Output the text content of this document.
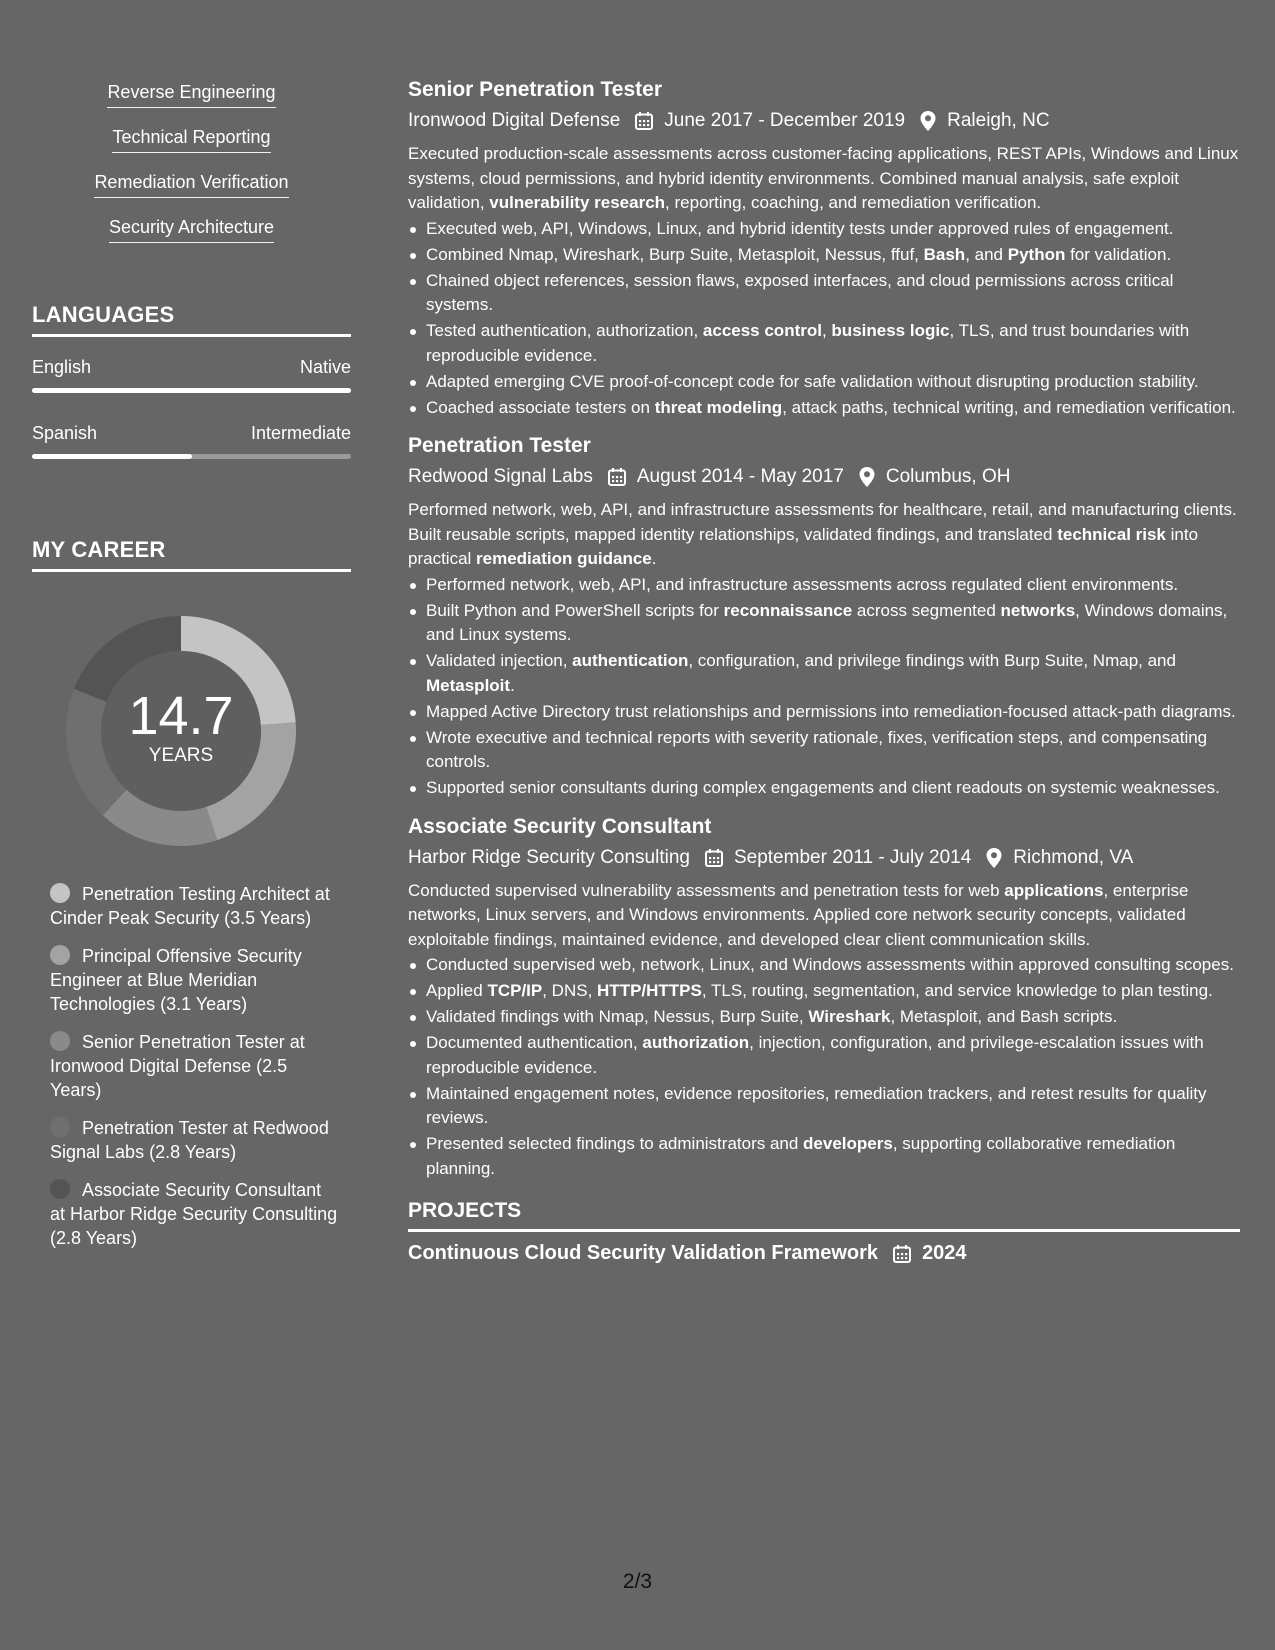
Reverse Engineering
Technical Reporting
Remediation Verification
Security Architecture
LANGUAGES
English	Native
Spanish	Intermediate
MY CAREER
14.7
YEARS
Penetration Testing Architect at Cinder Peak Security (3.5 Years)
Principal Offensive Security Engineer at Blue Meridian Technologies (3.1 Years)
Senior Penetration Tester at Ironwood Digital Defense (2.5 Years)
Penetration Tester at Redwood Signal Labs (2.8 Years)
Associate Security Consultant at Harbor Ridge Security Consulting (2.8 Years)
Senior Penetration Tester
Ironwood Digital Defense June 2017 - December 2019 Raleigh, NC
Executed production-scale assessments across customer-facing applications, REST APIs, Windows and Linux systems, cloud permissions, and hybrid identity environments. Combined manual analysis, safe exploit validation, vulnerability research, reporting, coaching, and remediation verification.
Executed web, API, Windows, Linux, and hybrid identity tests under approved rules of engagement.
Combined Nmap, Wireshark, Burp Suite, Metasploit, Nessus, ffuf, Bash, and Python for validation.
Chained object references, session flaws, exposed interfaces, and cloud permissions across critical systems.
Tested authentication, authorization, access control, business logic, TLS, and trust boundaries with reproducible evidence.
Adapted emerging CVE proof-of-concept code for safe validation without disrupting production stability.
Coached associate testers on threat modeling, attack paths, technical writing, and remediation verification.
Penetration Tester
Redwood Signal Labs August 2014 - May 2017 Columbus, OH
Performed network, web, API, and infrastructure assessments for healthcare, retail, and manufacturing clients. Built reusable scripts, mapped identity relationships, validated findings, and translated technical risk into practical remediation guidance.
Performed network, web, API, and infrastructure assessments across regulated client environments.
Built Python and PowerShell scripts for reconnaissance across segmented networks, Windows domains, and Linux systems.
Validated injection, authentication, configuration, and privilege findings with Burp Suite, Nmap, and Metasploit.
Mapped Active Directory trust relationships and permissions into remediation-focused attack-path diagrams.
Wrote executive and technical reports with severity rationale, fixes, verification steps, and compensating controls.
Supported senior consultants during complex engagements and client readouts on systemic weaknesses.
Associate Security Consultant
Harbor Ridge Security Consulting September 2011 - July 2014 Richmond, VA
Conducted supervised vulnerability assessments and penetration tests for web applications, enterprise networks, Linux servers, and Windows environments. Applied core network security concepts, validated exploitable findings, maintained evidence, and developed clear client communication skills.
Conducted supervised web, network, Linux, and Windows assessments within approved consulting scopes.
Applied TCP/IP, DNS, HTTP/HTTPS, TLS, routing, segmentation, and service knowledge to plan testing.
Validated findings with Nmap, Nessus, Burp Suite, Wireshark, Metasploit, and Bash scripts.
Documented authentication, authorization, injection, configuration, and privilege-escalation issues with reproducible evidence.
Maintained engagement notes, evidence repositories, remediation trackers, and retest results for quality reviews.
Presented selected findings to administrators and developers, supporting collaborative remediation planning.
PROJECTS
Continuous Cloud Security Validation Framework 2024
2/3
